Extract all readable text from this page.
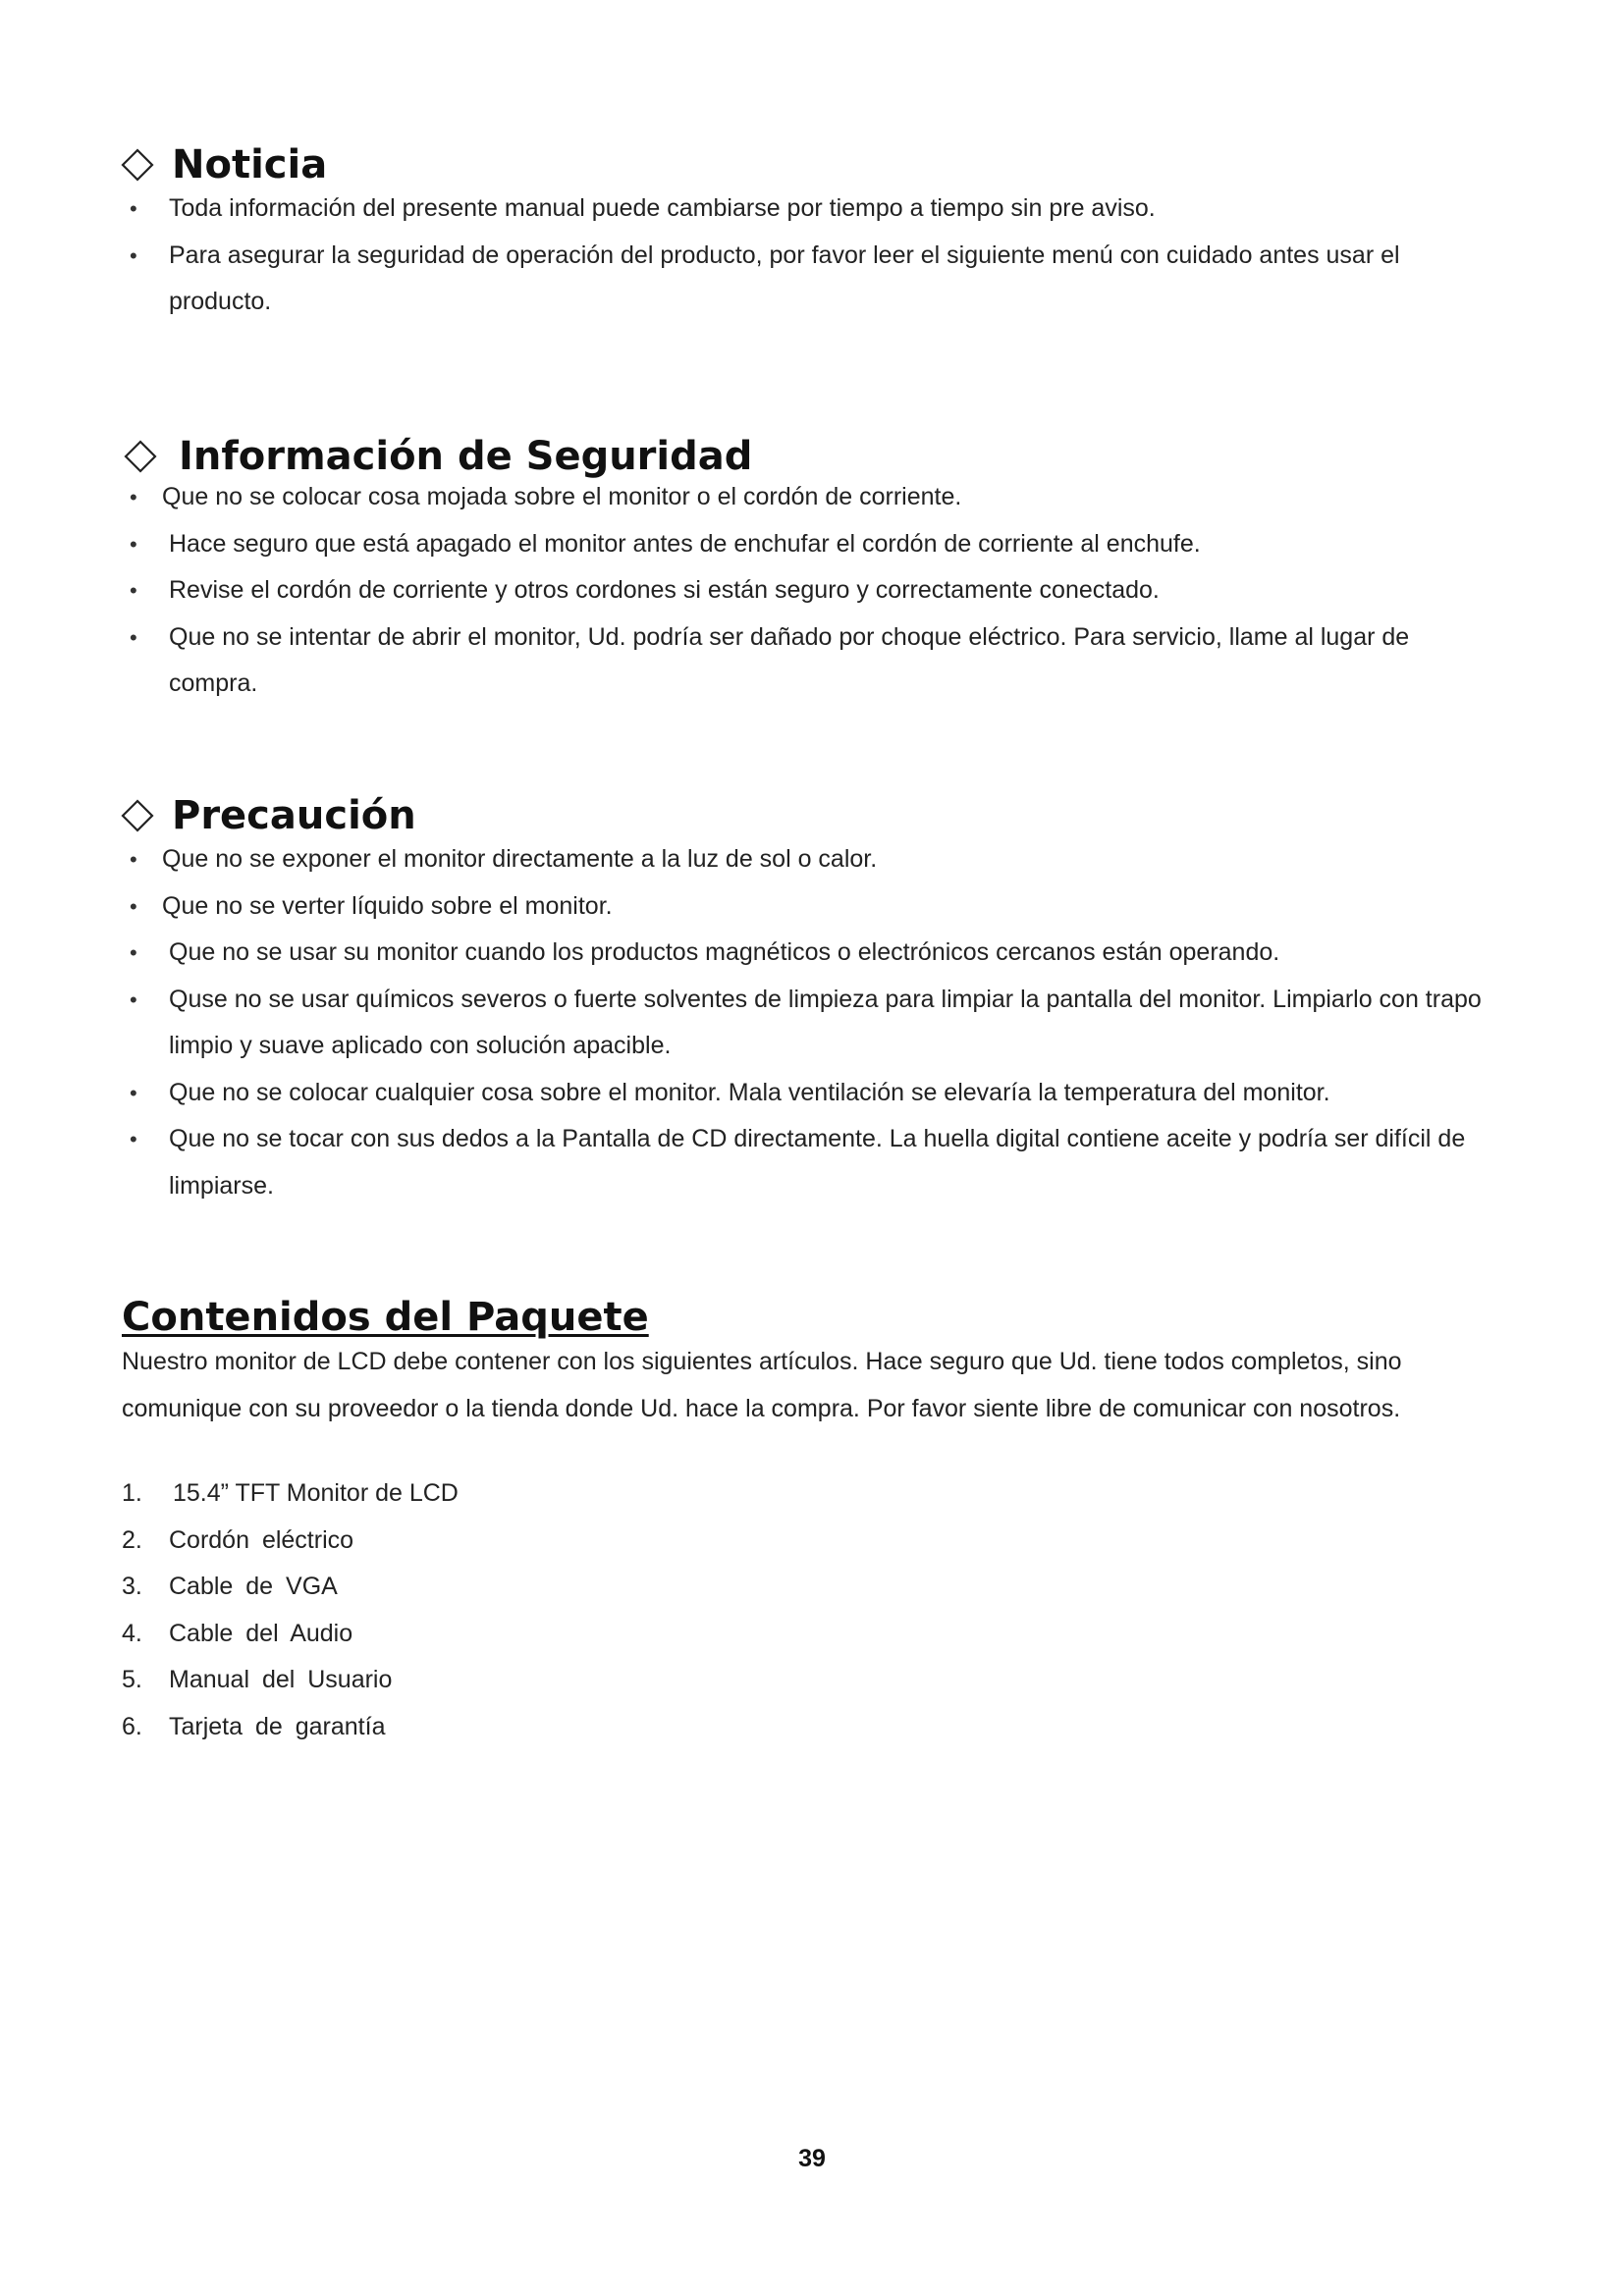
Noticia
• Toda información del presente manual puede cambiarse por tiempo a tiempo sin pre aviso.
• Para asegurar la seguridad de operación del producto, por favor leer el siguiente menú con cuidado antes usar el producto.
Información de Seguridad
• Que no se colocar cosa mojada sobre el monitor o el cordón de corriente.
• Hace seguro que está apagado el monitor antes de enchufar el cordón de corriente al enchufe.
• Revise el cordón de corriente y otros cordones si están seguro y correctamente conectado.
• Que no se intentar de abrir el monitor, Ud. podría ser dañado por choque eléctrico. Para servicio, llame al lugar de compra.
Precaución
• Que no se exponer el monitor directamente a la luz de sol o calor.
• Que no se verter líquido sobre el monitor.
• Que no se usar su monitor cuando los productos magnéticos o electrónicos cercanos están operando.
• Quse no se usar químicos severos o fuerte solventes de limpieza para limpiar la pantalla del monitor. Limpiarlo con trapo limpio y suave aplicado con solución apacible.
• Que no se colocar cualquier cosa sobre el monitor. Mala ventilación se elevaría la temperatura del monitor.
• Que no se tocar con sus dedos a la Pantalla de CD directamente. La huella digital contiene aceite y podría ser difícil de limpiarse.
Contenidos del Paquete

Nuestro monitor de LCD debe contener con los siguientes artículos. Hace seguro que Ud. tiene todos completos, sino comunique con su proveedor o la tienda donde Ud. hace la compra. Por favor siente libre de comunicar con nosotros.

1. 15.4” TFT Monitor de LCD
2. Cordón eléctrico
3. Cable de VGA
4. Cable del Audio
5. Manual del Usuario
6. Tarjeta de garantía
39
